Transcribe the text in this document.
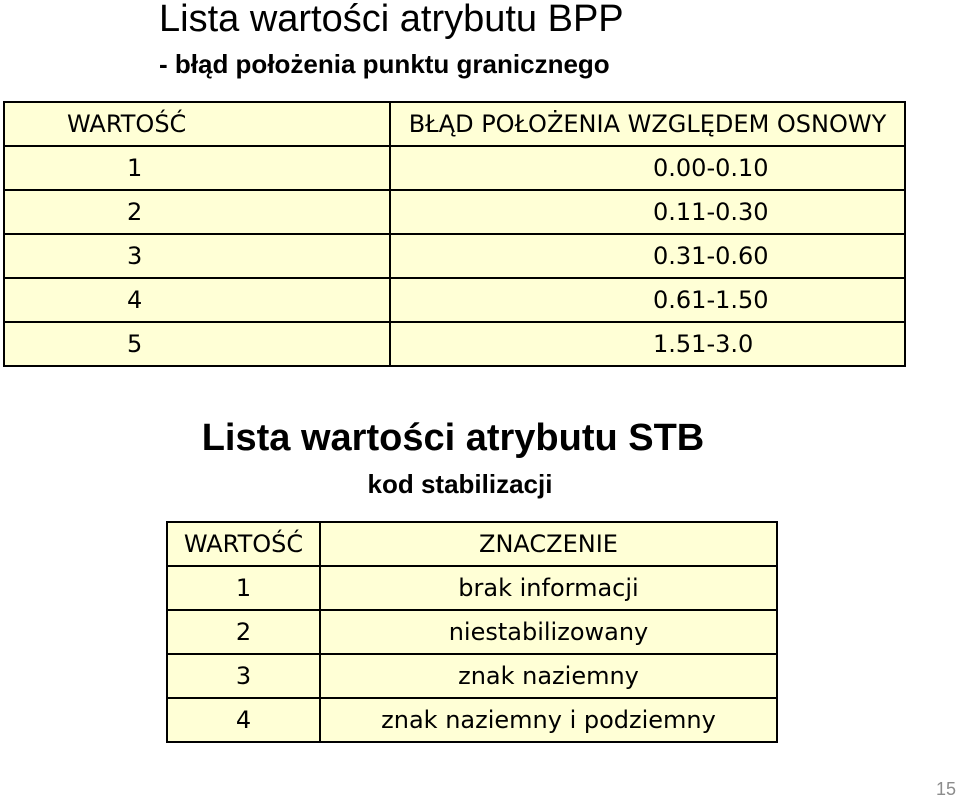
Lista wartości atrybutu BPP
- błąd położenia punktu granicznego
WARTOŚĆ	BŁĄD POŁOŻENIA WZGLĘDEM OSNOWY
1	0.00-0.10
2	0.11-0.30
3	0.31-0.60
4	0.61-1.50
5	1.51-3.0
Lista wartości atrybutu STB
kod stabilizacji
WARTOŚĆ	ZNACZENIE
1	brak informacji
2	niestabilizowany
3	znak naziemny
4	znak naziemny i podziemny
15
